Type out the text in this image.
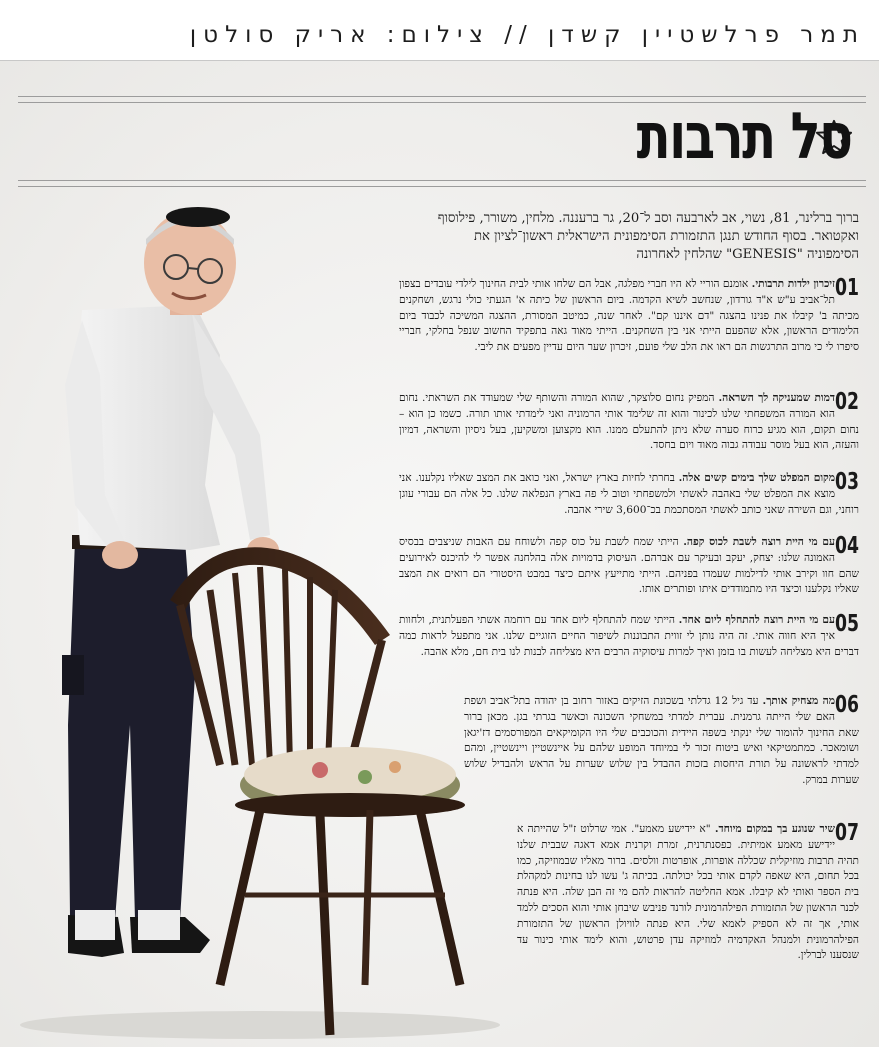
תמר פרלשטיין קשדן // צילום: אריק סולטן
סל תרבות
ברוך ברלינר, 81, נשוי, אב לארבעה וסב ל־20, גר ברעננה. מלחין, משורר, פילוסוף ואקטואר. בסוף החודש תנגן התזמורת הסימפונית הישראלית ראשון־לציון את הסימפוניה "GENESIS" שהלחין לאחרונה
01
זיכרון ילדות תרבותי. אומנם הוריי לא היו חברי מפלגה, אבל הם שלחו אותי לבית החינוך לילדי עובדים בצפון תל־אביב ע"ש א"ד גורדון, שנחשב לשיא הקדמה. ביום הראשון של כיתה א' הגעתי כולי נרגש, ושחקנים מכיתה ב' קיבלו את פנינו בהצגה "דם איננו קם". לאחר שנה, כמיטב המסורת, ההצגה המשיכה לכבוד ביום הלימודים הראשון, אלא שהפעם הייתי אני בין השחקנים. הייתי מאוד גאה בתפקיד החשוב שנפל בחלקי, חבריי סיפרו לי כי מרוב התרגשות הם ראו את הלב שלי פועם, זיכרון שער היום עדיין מפעים את ליבי.
02
דמות שמעניקה לך השראה. המפיק נחום סלוצקר, שהוא המורה והשותף שלי שמעודד את השראתי. נחום הוא המורה המשפחתי שלנו לכינור והוא זה שלימד אותי הרמוניה ואני לימדתי אותו תורה. כשמו כן הוא – נחום תקום, הוא מגיע כרוח סערה שלא ניתן להתעלם ממנו. הוא מקצוען ומשקיען, בעל ניסיון והשראה, דמיון והעזה, הוא בעל מוסר עבודה גבוה מאוד ויום בחסד.
03
מקום המפלט שלך בימים קשים אלה. בחרתי לחיות בארץ ישראל, ואני כואב את המצב שאליו נקלענו. אני מוצא את המפלט שלי באהבה לאשתי ולמשפחתי וטוב לי פה בארץ הנפלאה שלנו. כל אלה הם עבורי עוגן רוחני, וגם השירה שאני כותב לאשתי המסתכמת בכ־3,600 שירי אהבה.
04
עם מי היית רוצה לשבת לכוס קפה. הייתי שמח לשבת על כוס קפה ולשוחח עם האבות שניצבים בבסיס האמונה שלנו: יצחק, יעקב ובעיקר עם אברהם. העיסוק בדמויות אלה בהלחנה אפשר לי להיכנס לאירועים שהם חוו וקירב אותי לדילמות שעמדו בפניהם. הייתי מתייעץ איתם כיצד במבט היסטורי הם רואים את המצב שאליו נקלענו וכיצד היו מתמודדים איתו ופותרים אותו.
05
עם מי היית רוצה להתחלף ליום אחד. הייתי שמח להתחלף ליום אחד עם רוחמה אשתי הפעלתנית, ולחוות איך היא חווה אותי. זה היה נותן לי זווית התבוננות לשיפור החיים הזוגיים שלנו. אני מתפעל לראות כמה דברים היא מצליחה לעשות בו בזמן ואיך למרות עיסוקיה הרבים היא מצליחה לבנות לנו בית חם, מלא אהבה.
06
מה מצחיק אותך. עד גיל 12 גדלתי בשכונת הזיקים באזור רחוב בן יהודה בתל־אביב ושפת האם שלי הייתה גרמנית. עברית למדתי במשחקי השכונה וכאשר בגרתי בגן. מכאן ברור שאת החינוך להומור שלי ינקתי בשפה היידית והכוכבים שלי היו הקומיקאים המפורסמים דז'יגאן ושומאכר. כמתמטיקאי ואיש ביטוח זכור לי במיוחד המופע שלהם על איינשטיין ויינשטיין, ומהם למדתי לראשונה על תורת היחסות בזכות ההבדל בין שלוש שערות על הראש ולהבדיל שלוש שערות במרק.
07
שיר שנוגע בך במקום מיוחד. "א יידישע מאמע". אמי שרלוט ז"ל שהייתה א יידישע מאמע אמיתית. כפסנתרנית, זמרת וקרנית אמא דאגה שבבית שלנו תהיה תרבות מוזיקלית שכללה אופרות, אופרטות וולסים. ברור מאליו שבמוזיקה, כמו בכל תחום, היא שאפה לקדם אותי בכל יכולתה. בכיתה ג' עשו לנו בחינות למקהלת בית הספר ואותי לא קיבלו. אמא החליטה להראות להם מי זה הבן שלה. היא פנתה לכנר הראשון של התזמורת הפילהרמונית לורנד פניבש שיבחן אותי והוא הסכים ללמד אותי, אך זה לא הספיק לאמא שלי. היא פנתה לוויולן הראשון של התזמורת הפילהרמונית ולמנהל האקדמיה למוזיקה עדן פרטוש, והוא לימד אותי כינור עד שנסענו לברלין.
